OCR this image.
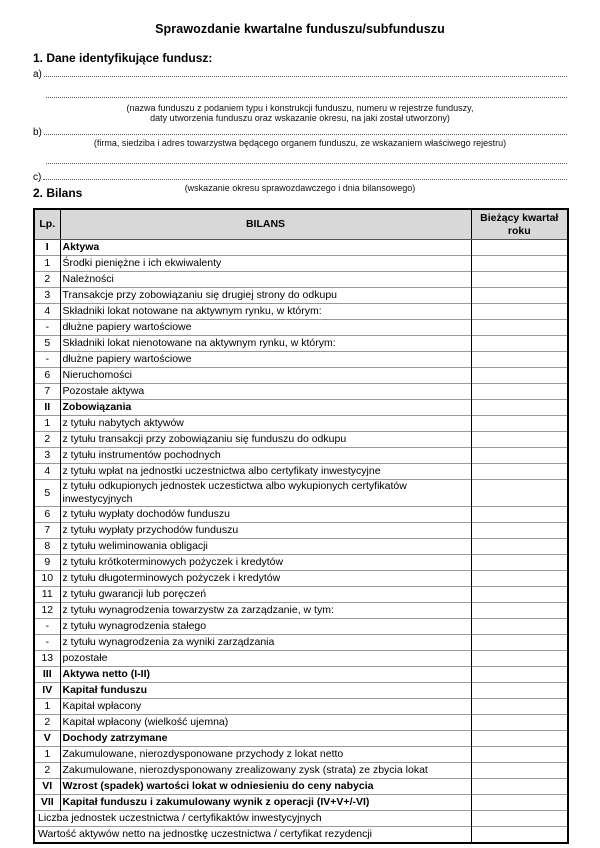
Sprawozdanie kwartalne funduszu/subfunduszu
1. Dane identyfikujące fundusz:
a)
(nazwa funduszu z podaniem typu i konstrukcji funduszu, numeru w rejestrze funduszy,
daty utworzenia funduszu oraz wskazanie okresu, na jaki został utworzony)
b)
(firma, siedziba i adres towarzystwa będącego organem funduszu, ze wskazaniem właściwego rejestru)
c)
(wskazanie okresu sprawozdawczego i dnia bilansowego)
2. Bilans
Lp.	BILANS	Bieżący kwartał roku
I	Aktywa	
1	Środki pieniężne i ich ekwiwalenty	
2	Należności	
3	Transakcje przy zobowiązaniu się drugiej strony do odkupu	
4	Składniki lokat notowane na aktywnym rynku, w którym:	
-	dłużne papiery wartościowe	
5	Składniki lokat nienotowane na aktywnym rynku, w którym:	
-	dłużne papiery wartościowe	
6	Nieruchomości	
7	Pozostałe aktywa	
II	Zobowiązania	
1	z tytułu nabytych aktywów	
2	z tytułu transakcji przy zobowiązaniu się funduszu do odkupu	
3	z tytułu instrumentów pochodnych	
4	z tytułu wpłat na jednostki uczestnictwa albo certyfikaty inwestycyjne	
5	z tytułu odkupionych jednostek uczestictwa albo wykupionych certyfikatów inwestycyjnych	
6	z tytułu wypłaty dochodów funduszu	
7	z tytułu wypłaty przychodów funduszu	
8	z tytułu weliminowania obligacji	
9	z tytułu krótkoterminowych pożyczek i kredytów	
10	z tytułu długoterminowych pożyczek i kredytów	
11	z tytułu gwarancji lub poręczeń	
12	z tytułu wynagrodzenia towarzystw za zarządzanie, w tym:	
-	z tytułu wynagrodzenia stałego	
-	z tytułu wynagrodzenia za wyniki zarządzania	
13	pozostałe	
III	Aktywa netto (I-II)	
IV	Kapitał funduszu	
1	Kapitał wpłacony	
2	Kapitał wpłacony (wielkość ujemna)	
V	Dochody zatrzymane	
1	Zakumulowane, nierozdysponowane przychody z lokat netto	
2	Zakumulowane, nierozdysponowany zrealizowany zysk (strata) ze zbycia lokat	
VI	Wzrost (spadek) wartości lokat w odniesieniu do ceny nabycia	
VII	Kapitał funduszu i zakumulowany wynik z operacji (IV+V+/-VI)	
Liczba jednostek uczestnictwa / certyfikaktów inwestycyjnych		
Wartość aktywów netto na jednostkę uczestnictwa / certyfikat rezydencji		
